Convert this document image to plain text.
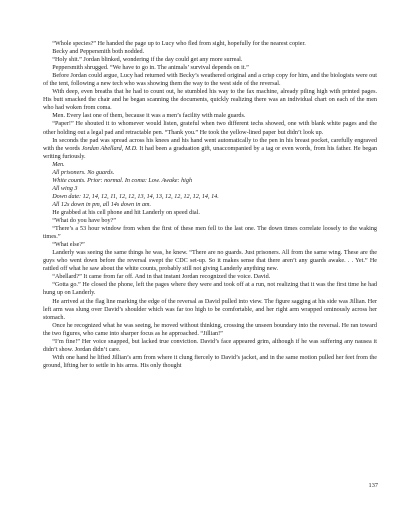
“Whole species?” He handed the page up to Lucy who fled from sight, hopefully for the nearest copier.

Becky and Peppersmith both nodded.

“Holy shit.” Jordan blinked, wondering if the day could get any more surreal.

Peppersmith shrugged. “We have to go in. The animals’ survival depends on it.”

Before Jordan could argue, Lucy had returned with Becky’s weathered original and a crisp copy for him, and the biologists were out of the tent, following a new tech who was showing them the way to the west side of the reversal.

With deep, even breaths that he had to count out, he stumbled his way to the fax machine, already piling high with printed pages. His butt smacked the chair and he began scanning the documents, quickly realizing there was an individual chart on each of the men who had woken from coma.

Men. Every last one of them, because it was a men’s facility with male guards.

“Paper!” He shouted it to whomever would listen, grateful when two different techs showed, one with blank white pages and the other holding out a legal pad and retractable pen. “Thank you.” He took the yellow-lined paper but didn’t look up.

In seconds the pad was spread across his knees and his hand went automatically to the pen in his breast pocket, carefully engraved with the words Jordan Abellard, M.D. It had been a graduation gift, unaccompanied by a tag or even words, from his father. He began writing furiously.

Men.

All prisoners. No guards.

White counts. Prior: normal. In coma: Low. Awake: high

All wing 3

Down date: 12, 14, 12, 11, 12, 12, 13, 14, 13, 12, 12, 12, 12, 14, 14.

All 12s down in pm, all 14s down in am.

He grabbed at his cell phone and hit Landerly on speed dial.

“What do you have boy?”

“There’s a 53 hour window from when the first of these men fell to the last one. The down times correlate loosely to the waking times.”

“What else?”

Landerly was seeing the same things he was, he knew. “There are no guards. Just prisoners. All from the same wing. These are the guys who went down before the reversal swept the CDC set-up. So it makes sense that there aren’t any guards awake. . . Yet.” He rattled off what he saw about the white counts, probably still not giving Landerly anything new.

“Abellard?” It came from far off. And in that instant Jordan recognized the voice. David.

“Gotta go.” He closed the phone, left the pages where they were and took off at a run, not realizing that it was the first time he had hung up on Landerly.

He arrived at the flag line marking the edge of the reversal as David pulled into view. The figure sagging at his side was Jillian. Her left arm was slung over David’s shoulder which was far too high to be comfortable, and her right arm wrapped ominously across her stomach.

Once he recognized what he was seeing, he moved without thinking, crossing the unseen boundary into the reversal. He ran toward the two figures, who came into sharper focus as he approached. “Jillian!”

“I’m fine!” Her voice snapped, but lacked true conviction. David’s face appeared grim, although if he was suffering any nausea it didn’t show. Jordan didn’t care.

With one hand he lifted Jillian’s arm from where it clung fiercely to David’s jacket, and in the same motion pulled her feet from the ground, lifting her to settle in his arms. His only thought

137
